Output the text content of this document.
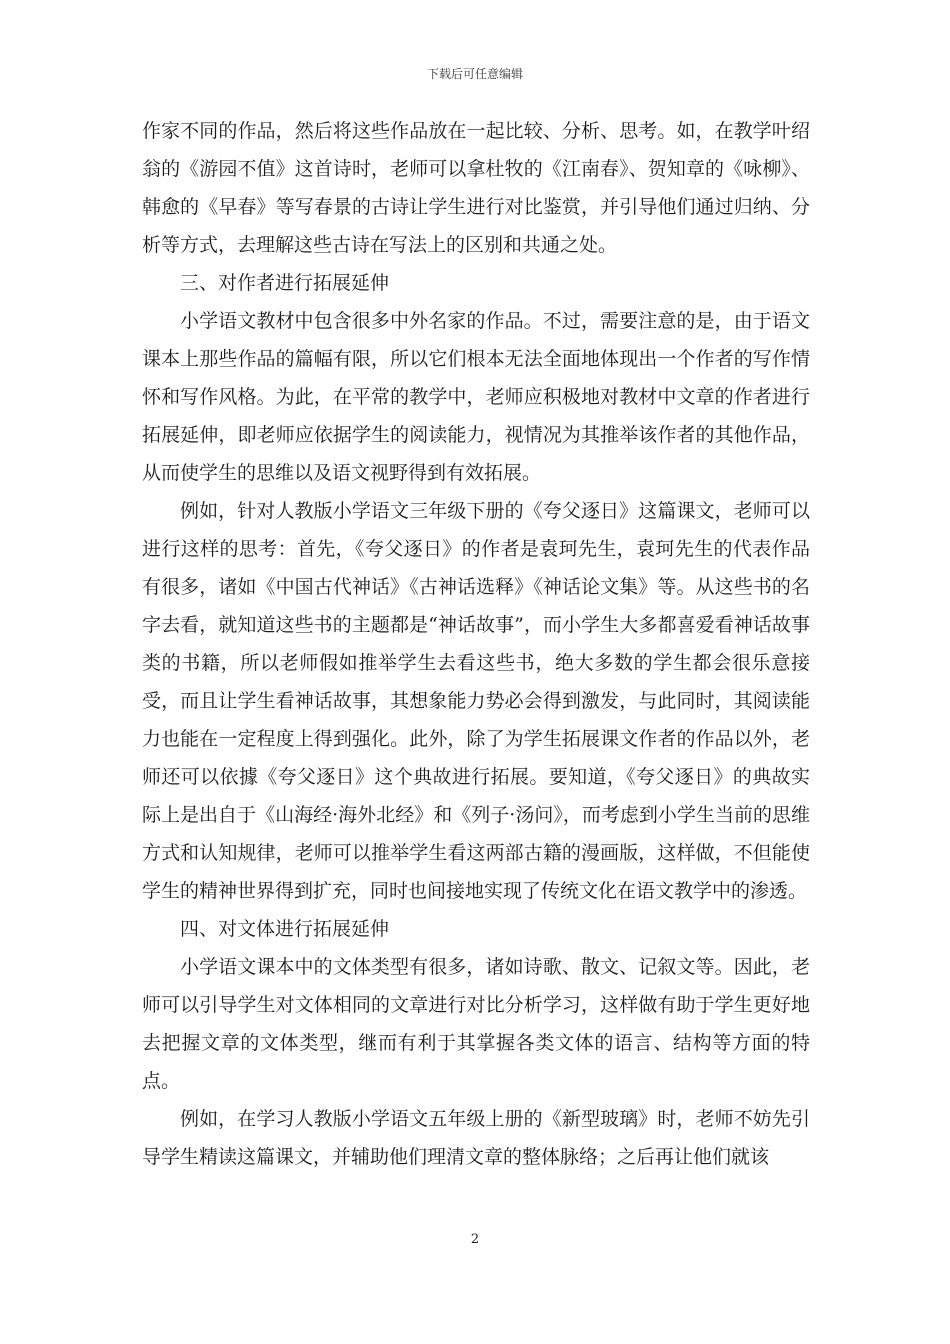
下载后可任意编辑

作家不同的作品，然后将这些作品放在一起比较、分析、思考。如，在教学叶绍翁的《游园不值》这首诗时，老师可以拿杜牧的《江南春》、贺知章的《咏柳》、韩愈的《早春》等写春景的古诗让学生进行对比鉴赏，并引导他们通过归纳、分析等方式，去理解这些古诗在写法上的区别和共通之处。

三、对作者进行拓展延伸

小学语文教材中包含很多中外名家的作品。不过，需要注意的是，由于语文课本上那些作品的篇幅有限，所以它们根本无法全面地体现出一个作者的写作情怀和写作风格。为此，在平常的教学中，老师应积极地对教材中文章的作者进行拓展延伸，即老师应依据学生的阅读能力，视情况为其推举该作者的其他作品，从而使学生的思维以及语文视野得到有效拓展。

例如，针对人教版小学语文三年级下册的《夸父逐日》这篇课文，老师可以进行这样的思考：首先，《夸父逐日》的作者是袁珂先生，袁珂先生的代表作品有很多，诸如《中国古代神话》《古神话选释》《神话论文集》等。从这些书的名字去看，就知道这些书的主题都是“神话故事”，而小学生大多都喜爱看神话故事类的书籍，所以老师假如推举学生去看这些书，绝大多数的学生都会很乐意接受，而且让学生看神话故事，其想象能力势必会得到激发，与此同时，其阅读能力也能在一定程度上得到强化。此外，除了为学生拓展课文作者的作品以外，老师还可以依據《夸父逐日》这个典故进行拓展。要知道，《夸父逐日》的典故实际上是出自于《山海经·海外北经》和《列子·汤问》，而考虑到小学生当前的思维方式和认知规律，老师可以推举学生看这两部古籍的漫画版，这样做，不但能使学生的精神世界得到扩充，同时也间接地实现了传统文化在语文教学中的渗透。

四、对文体进行拓展延伸

小学语文课本中的文体类型有很多，诸如诗歌、散文、记叙文等。因此，老师可以引导学生对文体相同的文章进行对比分析学习，这样做有助于学生更好地去把握文章的文体类型，继而有利于其掌握各类文体的语言、结构等方面的特点。

例如，在学习人教版小学语文五年级上册的《新型玻璃》时，老师不妨先引导学生精读这篇课文，并辅助他们理清文章的整体脉络；之后再让他们就该

2
